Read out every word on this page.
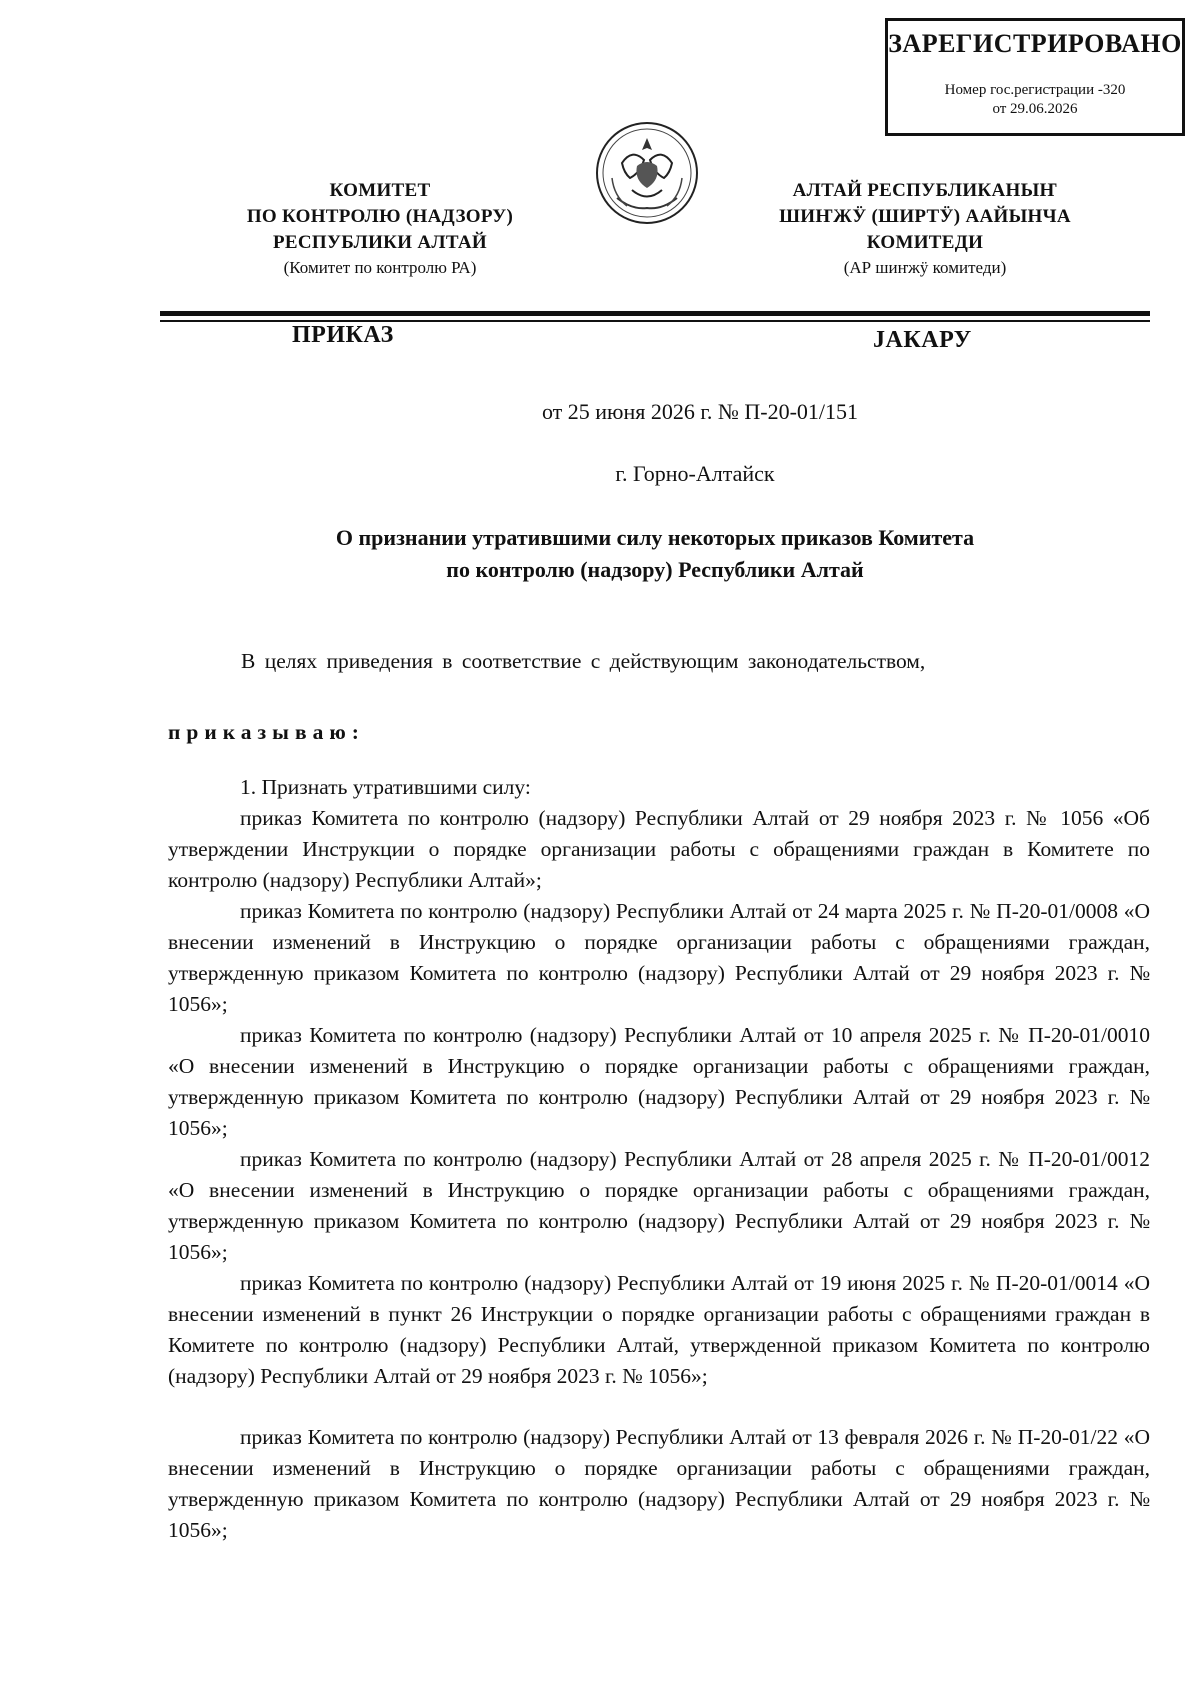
ЗАРЕГИСТРИРОВАНО
Номер гос.регистрации -320
от 29.06.2026
КОМИТЕТ
ПО КОНТРОЛЮ (НАДЗОРУ)
РЕСПУБЛИКИ АЛТАЙ
(Комитет по контролю РА)
АЛТАЙ РЕСПУБЛИКАНЫҤ
ШИҤЖӰ (ШИРТӰ) ААЙЫНЧА
КОМИТЕДИ
(АР шиҥжӱ комитеди)
ПРИКАЗ	ЈАКАРУ
от 25 июня 2026 г. № П-20-01/151
г. Горно-Алтайск
О признании утратившими силу некоторых приказов Комитета
по контролю (надзору) Республики Алтай
В целях приведения в соответствие с действующим законодательством,
приказываю:
1. Признать утратившими силу:
приказ Комитета по контролю (надзору) Республики Алтай от 29 ноября 2023 г. № 1056 «Об утверждении Инструкции о порядке организации работы с обращениями граждан в Комитете по контролю (надзору) Республики Алтай»;
приказ Комитета по контролю (надзору) Республики Алтай от 24 марта 2025 г. № П-20-01/0008 «О внесении изменений в Инструкцию о порядке организации работы с обращениями граждан, утвержденную приказом Комитета по контролю (надзору) Республики Алтай от 29 ноября 2023 г. № 1056»;
приказ Комитета по контролю (надзору) Республики Алтай от 10 апреля 2025 г. № П-20-01/0010 «О внесении изменений в Инструкцию о порядке организации работы с обращениями граждан, утвержденную приказом Комитета по контролю (надзору) Республики Алтай от 29 ноября 2023 г. № 1056»;
приказ Комитета по контролю (надзору) Республики Алтай от 28 апреля 2025 г. № П-20-01/0012 «О внесении изменений в Инструкцию о порядке организации работы с обращениями граждан, утвержденную приказом Комитета по контролю (надзору) Республики Алтай от 29 ноября 2023 г. № 1056»;
приказ Комитета по контролю (надзору) Республики Алтай от 19 июня 2025 г. № П-20-01/0014 «О внесении изменений в пункт 26 Инструкции о порядке организации работы с обращениями граждан в Комитете по контролю (надзору) Республики Алтай, утвержденной приказом Комитета по контролю (надзору) Республики Алтай от 29 ноября 2023 г. № 1056»;
приказ Комитета по контролю (надзору) Республики Алтай от 13 февраля 2026 г. № П-20-01/22 «О внесении изменений в Инструкцию о порядке организации работы с обращениями граждан, утвержденную приказом Комитета по контролю (надзору) Республики Алтай от 29 ноября 2023 г. № 1056»;
